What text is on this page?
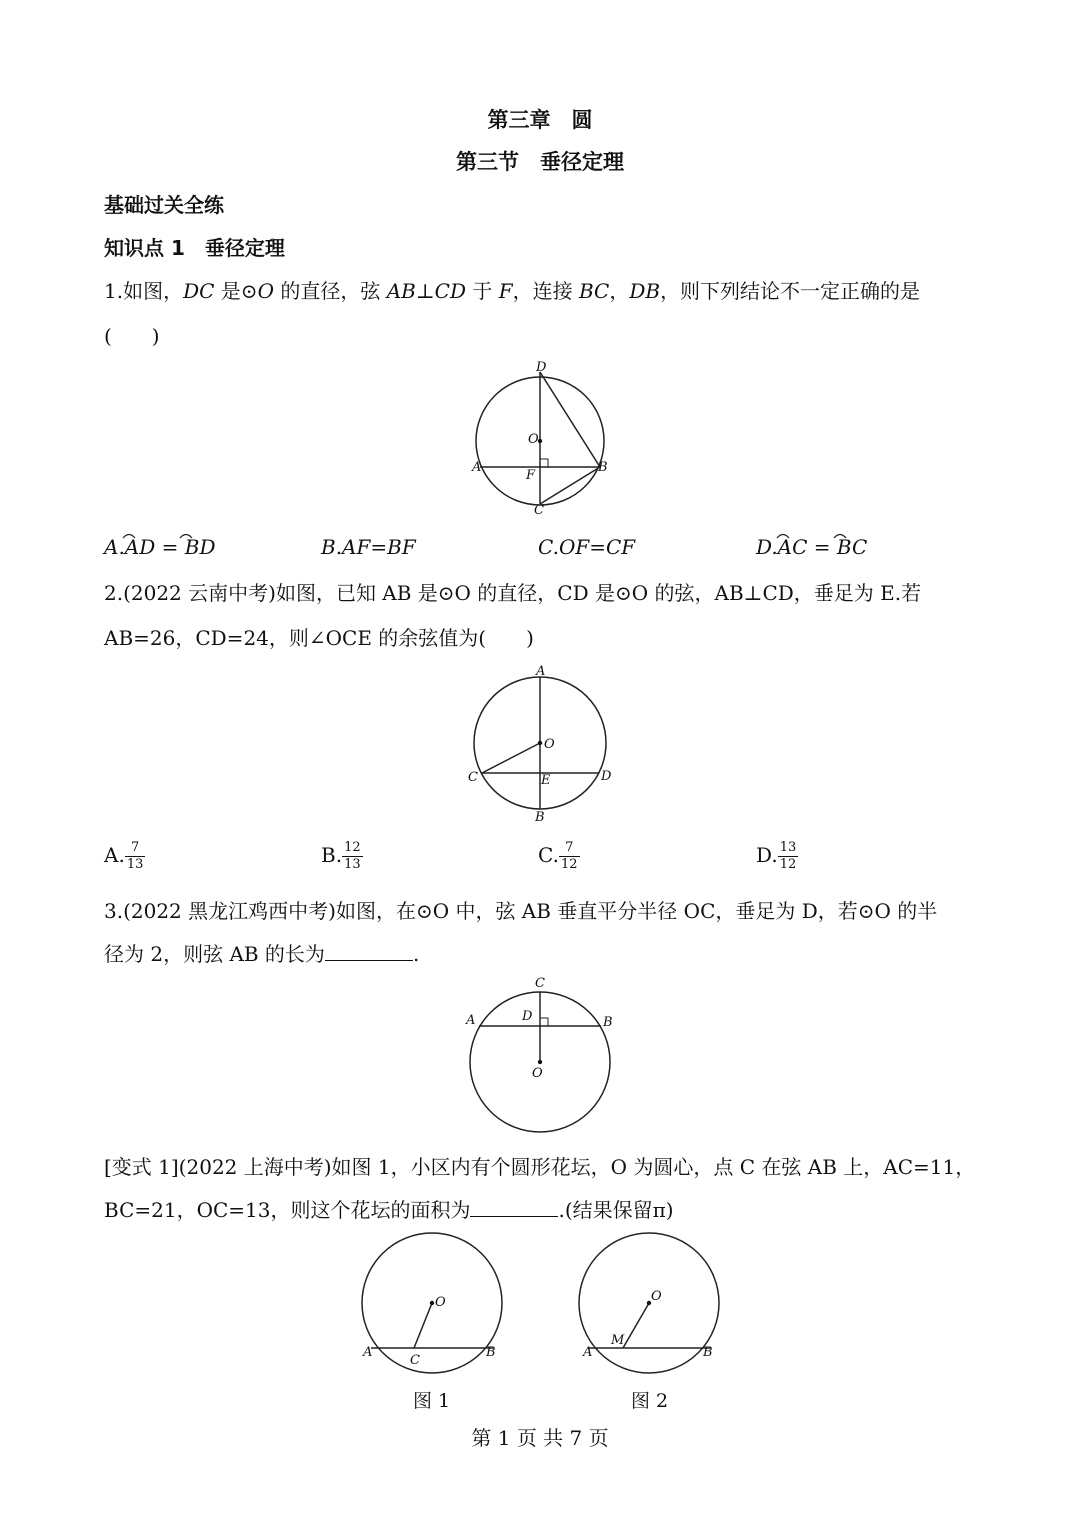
第三章　圆
第三节　垂径定理
基础过关全练
知识点 1　垂径定理
1.如图，DC 是⊙O 的直径，弦 AB⊥CD 于 F，连接 BC，DB，则下列结论不一定正确的是
(　　)
D
O
A
F
B
C
A.AD = BD	B.AF=BF	C.OF=CF	D.AC = BC
2.(2022 云南中考)如图，已知 AB 是⊙O 的直径，CD 是⊙O 的弦，AB⊥CD，垂足为 E.若
AB=26，CD=24，则∠OCE 的余弦值为(　　)
A
O
C	E	D
B
A. $\frac{7}{13}$	B. $\frac{12}{13}$	C. $\frac{7}{12}$	D. $\frac{13}{12}$
3.(2022 黑龙江鸡西中考)如图，在⊙O 中，弦 AB 垂直平分半径 OC，垂足为 D，若⊙O 的半
径为 2，则弦 AB 的长为	.
C
A	D	B
O
[变式 1](2022 上海中考)如图 1，小区内有个圆形花坛，O 为圆心，点 C 在弦 AB 上，AC=11，
BC=21，OC=13，则这个花坛的面积为	.(结果保留π)
O
A
C
B
图 1
O
M
A	B
图 2
第 1 页 共 7 页
